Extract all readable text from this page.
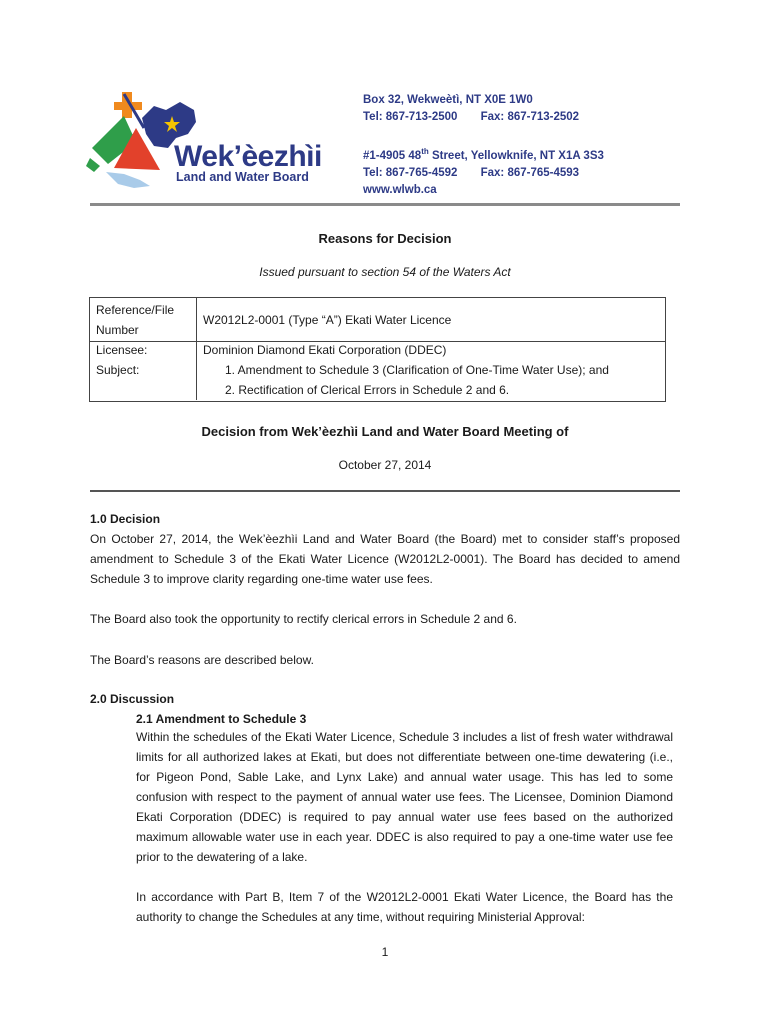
Wek’èezhìi
Land and Water Board
Box 32, Wekweètì, NT X0E 1W0
Tel: 867-713-2500 Fax: 867-713-2502
#1-4905 48th Street, Yellowknife, NT X1A 3S3
Tel: 867-765-4592 Fax: 867-765-4593
www.wlwb.ca
Reasons for Decision
Issued pursuant to section 54 of the Waters Act
Reference/File
Number	W2012L2-0001 (Type “A”) Ekati Water Licence
Licensee:	Dominion Diamond Ekati Corporation (DDEC)
Subject:	1. Amendment to Schedule 3 (Clarification of One-Time Water Use); and
2. Rectification of Clerical Errors in Schedule 2 and 6.
Decision from Wek’èezhìi Land and Water Board Meeting of
October 27, 2014
1.0 Decision
On October 27, 2014, the Wek’èezhìi Land and Water Board (the Board) met to consider staff’s proposed amendment to Schedule 3 of the Ekati Water Licence (W2012L2-0001). The Board has decided to amend Schedule 3 to improve clarity regarding one-time water use fees.
The Board also took the opportunity to rectify clerical errors in Schedule 2 and 6.
The Board’s reasons are described below.
2.0 Discussion
2.1 Amendment to Schedule 3
Within the schedules of the Ekati Water Licence, Schedule 3 includes a list of fresh water withdrawal limits for all authorized lakes at Ekati, but does not differentiate between one-time dewatering (i.e., for Pigeon Pond, Sable Lake, and Lynx Lake) and annual water usage. This has led to some confusion with respect to the payment of annual water use fees. The Licensee, Dominion Diamond Ekati Corporation (DDEC) is required to pay annual water use fees based on the authorized maximum allowable water use in each year. DDEC is also required to pay a one-time water use fee prior to the dewatering of a lake.
In accordance with Part B, Item 7 of the W2012L2-0001 Ekati Water Licence, the Board has the authority to change the Schedules at any time, without requiring Ministerial Approval:
1
